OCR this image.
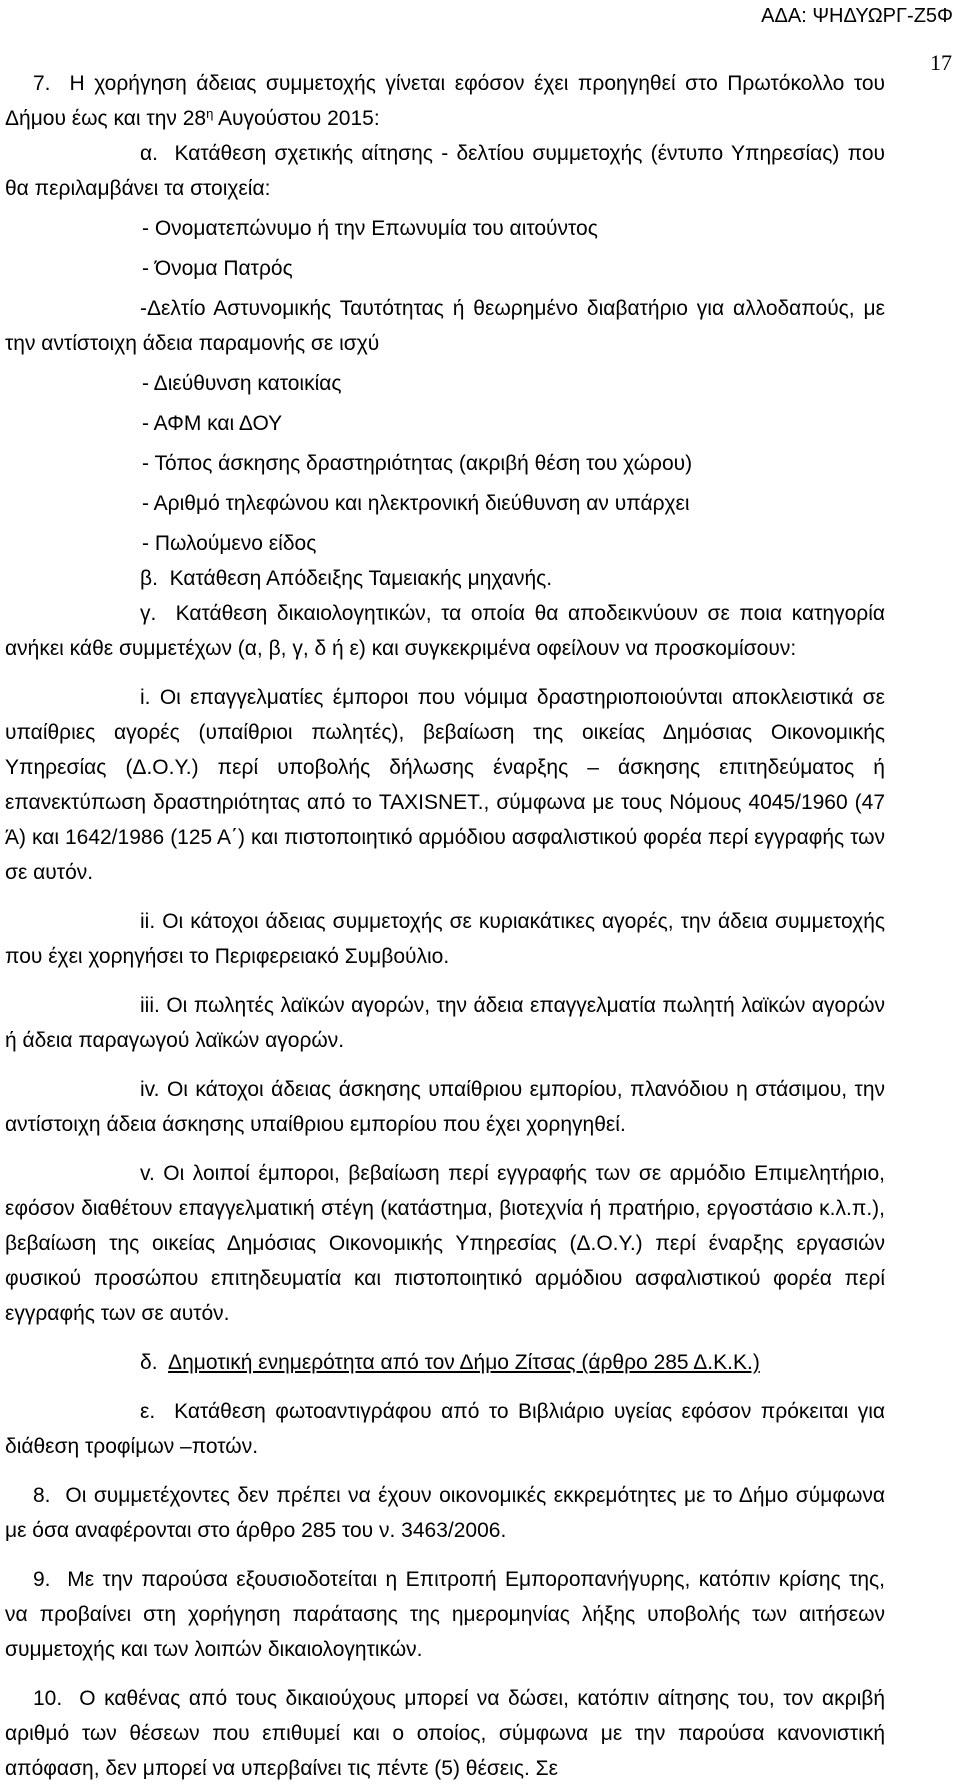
ΑΔΑ: ΨΗΔΥΩΡΓ-Ζ5Φ
17

7. Η χορήγηση άδειας συμμετοχής γίνεται εφόσον έχει προηγηθεί στο Πρωτόκολλο του Δήμου έως και την $28^\eta$ Αυγούστου 2015:

α. Κατάθεση σχετικής αίτησης - δελτίου συμμετοχής (έντυπο Υπηρεσίας) που θα περιλαμβάνει τα στοιχεία:

- Ονοματεπώνυμο ή την Επωνυμία του αιτούντος

- Όνομα Πατρός

-Δελτίο Αστυνομικής Ταυτότητας ή θεωρημένο διαβατήριο για αλλοδαπούς, με την αντίστοιχη άδεια παραμονής σε ισχύ

- Διεύθυνση κατοικίας

- ΑΦΜ και ΔΟΥ

- Τόπος άσκησης δραστηριότητας (ακριβή θέση του χώρου)

- Αριθμό τηλεφώνου και ηλεκτρονική διεύθυνση αν υπάρχει

- Πωλούμενο είδος

β. Κατάθεση Απόδειξης Ταμειακής μηχανής.

γ. Κατάθεση δικαιολογητικών, τα οποία θα αποδεικνύουν σε ποια κατηγορία ανήκει κάθε συμμετέχων (α, β, γ, δ ή ε) και συγκεκριμένα οφείλουν να προσκομίσουν:

i. Οι επαγγελματίες έμποροι που νόμιμα δραστηριοποιούνται αποκλειστικά σε υπαίθριες αγορές (υπαίθριοι πωλητές), βεβαίωση της οικείας Δημόσιας Οικονομικής Υπηρεσίας (Δ.Ο.Υ.) περί υποβολής δήλωσης έναρξης – άσκησης επιτηδεύματος ή επανεκτύπωση δραστηριότητας από το TAXISNET., σύμφωνα με τους Νόμους 4045/1960 (47 Ά) και 1642/1986 (125 Α΄) και πιστοποιητικό αρμόδιου ασφαλιστικού φορέα περί εγγραφής των σε αυτόν.

ii. Οι κάτοχοι άδειας συμμετοχής σε κυριακάτικες αγορές, την άδεια συμμετοχής που έχει χορηγήσει το Περιφερειακό Συμβούλιο.

iii. Οι πωλητές λαϊκών αγορών, την άδεια επαγγελματία πωλητή λαϊκών αγορών ή άδεια παραγωγού λαϊκών αγορών.

iv. Οι κάτοχοι άδειας άσκησης υπαίθριου εμπορίου, πλανόδιου η στάσιμου, την αντίστοιχη άδεια άσκησης υπαίθριου εμπορίου που έχει χορηγηθεί.

v. Οι λοιποί έμποροι, βεβαίωση περί εγγραφής των σε αρμόδιο Επιμελητήριο, εφόσον διαθέτουν επαγγελματική στέγη (κατάστημα, βιοτεχνία ή πρατήριο, εργοστάσιο κ.λ.π.), βεβαίωση της οικείας Δημόσιας Οικονομικής Υπηρεσίας (Δ.Ο.Υ.) περί έναρξης εργασιών φυσικού προσώπου επιτηδευματία και πιστοποιητικό αρμόδιου ασφαλιστικού φορέα περί εγγραφής των σε αυτόν.

δ. Δημοτική ενημερότητα από τον Δήμο Ζίτσας (άρθρο 285 Δ.Κ.Κ.)

ε. Κατάθεση φωτοαντιγράφου από το Βιβλιάριο υγείας εφόσον πρόκειται για διάθεση τροφίμων –ποτών.

8. Οι συμμετέχοντες δεν πρέπει να έχουν οικονομικές εκκρεμότητες με το Δήμο σύμφωνα με όσα αναφέρονται στο άρθρο 285 του ν. 3463/2006.

9. Με την παρούσα εξουσιοδοτείται η Επιτροπή Εμποροπανήγυρης, κατόπιν κρίσης της, να προβαίνει στη χορήγηση παράτασης της ημερομηνίας λήξης υποβολής των αιτήσεων συμμετοχής και των λοιπών δικαιολογητικών.

10. Ο καθένας από τους δικαιούχους μπορεί να δώσει, κατόπιν αίτησης του, τον ακριβή αριθμό των θέσεων που επιθυμεί και ο οποίος, σύμφωνα με την παρούσα κανονιστική απόφαση, δεν μπορεί να υπερβαίνει τις πέντε (5) θέσεις. Σε
